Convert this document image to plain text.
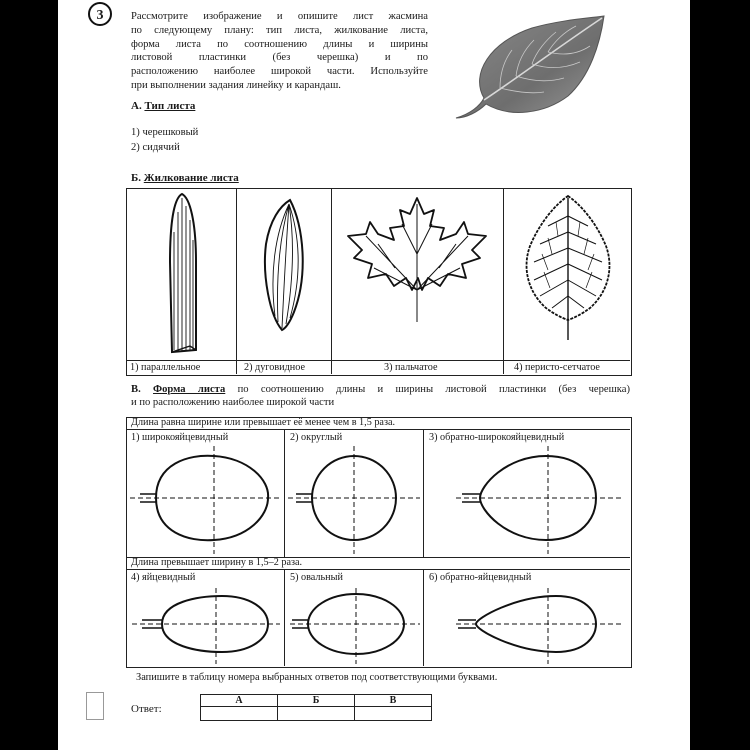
3	Рассмотрите изображение и опишите лист жасмина
по следующему плану: тип листа, жилкование листа,
форма листа по соотношению длины и ширины
листовой пластинки (без черешка) и по
расположению наиболее широкой части. Используйте
при выполнении задания линейку и карандаш.
А. Тип листа
1) черешковый
2) сидячий
Б. Жилкование листа
1) параллельное	2) дуговидное	3) пальчатое	4) перисто-сетчатое
В. Форма листа по соотношению длины и ширины листовой пластинки (без черешка)
и по расположению наиболее широкой части
Длина равна ширине или превышает её менее чем в 1,5 раза.
1) широкояйцевидный	2) округлый	3) обратно-широкояйцевидный
Длина превышает ширину в 1,5–2 раза.
4) яйцевидный	5) овальный	6) обратно-яйцевидный
Запишите в таблицу номера выбранных ответов под соответствующими буквами.
Ответ:
А	Б	В
